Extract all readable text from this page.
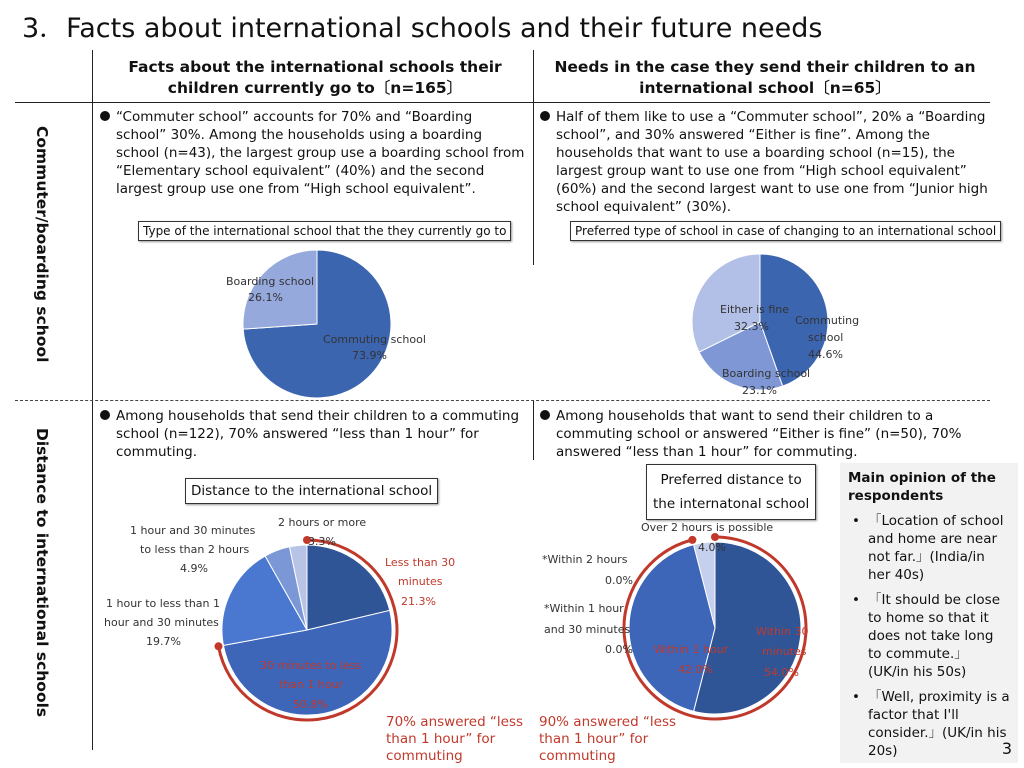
3．Facts about international schools and their future needs
Facts about the international schools their children currently go to〔n=165〕
Needs in the case they send their children to an international school〔n=65〕
Commuter/boarding school
Distance to international schools
“Commuter school” accounts for 70% and “Boarding school” 30%. Among the households using a boarding school (n=43), the largest group use a boarding school from “Elementary school equivalent” (40%) and the second largest group use one from “High school equivalent”.
Half of them like to use a “Commuter school”, 20% a “Boarding school”, and 30% answered “Either is fine”. Among the households that want to use a boarding school (n=15), the largest group want to use one from “High school equivalent” (60%) and the second largest want to use one from “Junior high school equivalent” (30%).
Among households that send their children to a commuting school (n=122), 70% answered “less than 1 hour” for commuting.
Among households that want to send their children to a commuting school or answered “Either is fine” (n=50), 70% answered “less than 1 hour” for commuting.
Type of the international school that the they currently go to	Preferred type of school in case of changing to an international school
Distance to the international school
Preferred distance to
the internatonal school
Boarding school
26.1%
Commuting school
73.9%
Either is fine
32.3% Commuting
school
44.6%
Boarding school
23.1%
2 hours or more
3.3%
1 hour and 30 minutes
to less than 2 hours
4.9%
1 hour to less than 1
hour and 30 minutes
19.7%
Less than 30
minutes
21.3%
30 minutes to less
than 1 hour
50.8%
Over 2 hours is possible
4.0%
*Within 2 hours
0.0%
*Within 1 hour
and 30 minutes
0.0% Within 1 hour
42.0%
Within 30
minutes
54.0%
70% answered “less than 1 hour” for commuting
90% answered “less than 1 hour” for commuting
Main opinion of the respondents
• 「Location of school and home are near not far.」(India/in her 40s)
• 「It should be close to home so that it does not take long to commute.」　(UK/in his 50s)
• 「Well, proximity is a factor that I'll consider.」(UK/in his 20s)	3
